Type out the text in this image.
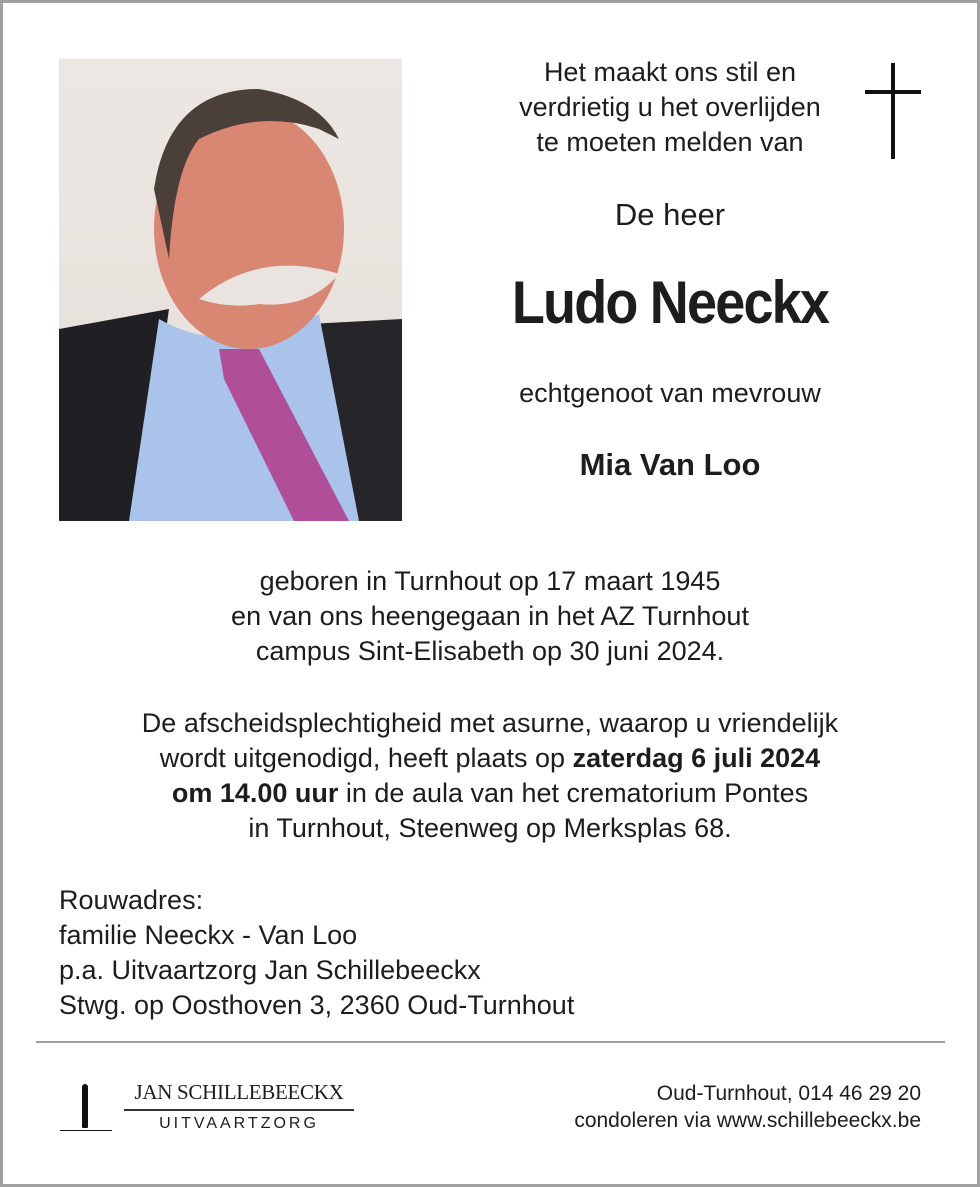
Het maakt ons stil en
verdrietig u het overlijden
te moeten melden van
De heer
Ludo Neeckx
echtgenoot van mevrouw
Mia Van Loo
geboren in Turnhout op 17 maart 1945
en van ons heengegaan in het AZ Turnhout
campus Sint-Elisabeth op 30 juni 2024.
De afscheidsplechtigheid met asurne, waarop u vriendelijk
wordt uitgenodigd, heeft plaats op zaterdag 6 juli 2024
om 14.00 uur in de aula van het crematorium Pontes
in Turnhout, Steenweg op Merksplas 68.
Rouwadres:
familie Neeckx - Van Loo
p.a. Uitvaartzorg Jan Schillebeeckx
Stwg. op Oosthoven 3, 2360 Oud-Turnhout
JAN SCHILLEBEECKX
UITVAARTZORG
Oud-Turnhout, 014 46 29 20
condoleren via www.schillebeeckx.be
